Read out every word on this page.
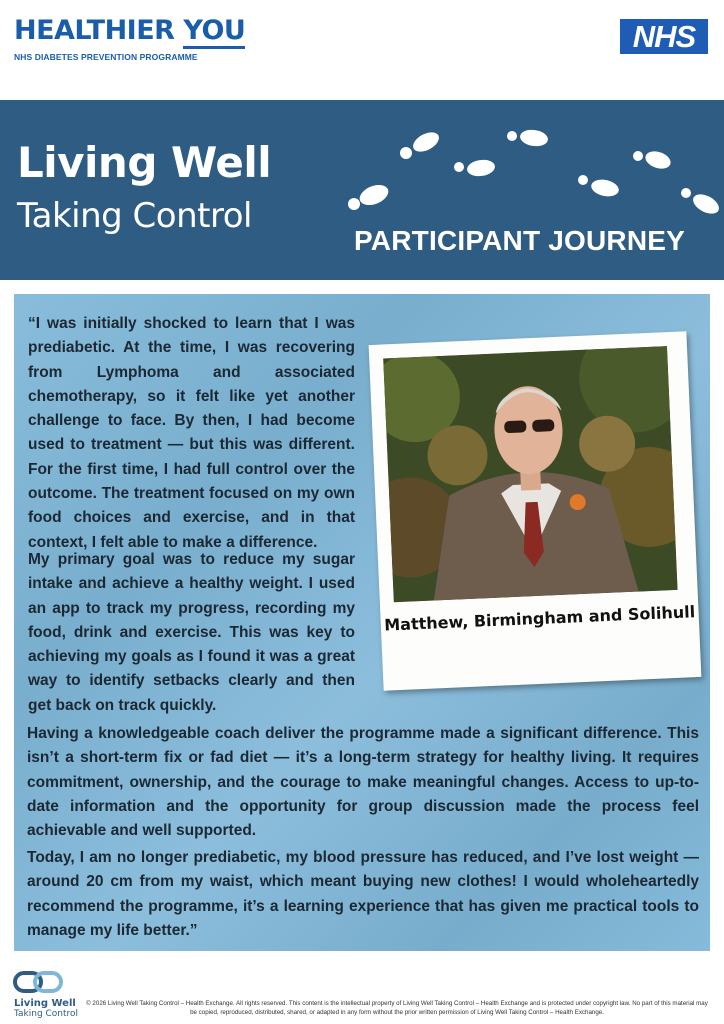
HEALTHIER YOU
NHS DIABETES PREVENTION PROGRAMME
NHS
Living Well
Taking Control
PARTICIPANT JOURNEY

“I was initially shocked to learn that I was prediabetic. At the time, I was recovering from Lymphoma and associated chemotherapy, so it felt like yet another challenge to face. By then, I had become used to treatment — but this was different. For the first time, I had full control over the outcome. The treatment focused on my own food choices and exercise, and in that context, I felt able to make a difference.

My primary goal was to reduce my sugar intake and achieve a healthy weight. I used an app to track my progress, recording my food, drink and exercise. This was key to achieving my goals as I found it was a great way to identify setbacks clearly and then get back on track quickly.

Having a knowledgeable coach deliver the programme made a significant difference. This isn’t a short-term fix or fad diet — it’s a long-term strategy for healthy living. It requires commitment, ownership, and the courage to make meaningful changes. Access to up-to-date information and the opportunity for group discussion made the process feel achievable and well supported.

Today, I am no longer prediabetic, my blood pressure has reduced, and I’ve lost weight — around 20 cm from my waist, which meant buying new clothes! I would wholeheartedly recommend the programme, it’s a learning experience that has given me practical tools to manage my life better.”

Matthew, Birmingham and Solihull
Living Well
Taking Control
© 2026 Living Well Taking Control – Health Exchange. All rights reserved. This content is the intellectual property of Living Well Taking Control – Health Exchange and is protected under copyright law. No part of this material may be copied, reproduced, distributed, shared, or adapted in any form without the prior written permission of Living Well Taking Control – Health Exchange.
